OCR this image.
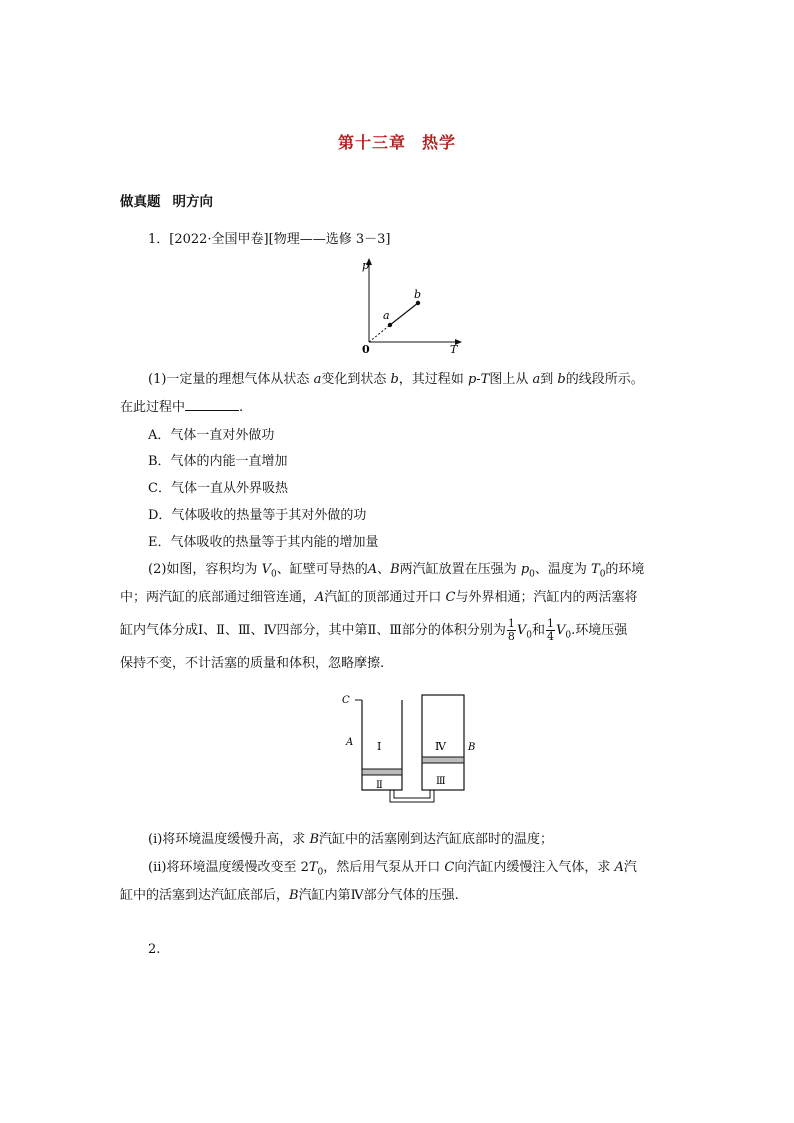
第十三章 热学
做真题 明方向
1．[2022·全国甲卷][物理——选修 3－3]
p
T
0
a
b
(1)一定量的理想气体从状态 a变化到状态 b，其过程如 p-T图上从 a到 b的线段所示。
在此过程中	.
A．气体一直对外做功
B．气体的内能一直增加
C．气体一直从外界吸热
D．气体吸收的热量等于其对外做的功
E．气体吸收的热量等于其内能的增加量
(2)如图，容积均为 $V_0$、缸壁可导热的A、B两汽缸放置在压强为 $p_0$、温度为 $T_0$的环境
中；两汽缸的底部通过细管连通，A汽缸的顶部通过开口 C与外界相通；汽缸内的两活塞将
缸内气体分成Ⅰ、Ⅱ、Ⅲ、Ⅳ四部分，其中第Ⅱ、Ⅲ部分的体积分别为 $\frac{1}{8} V_0$和 $\frac{1}{4} V_0$.环境压强
保持不变，不计活塞的质量和体积，忽略摩擦.
C
A	B
Ⅰ
Ⅱ	Ⅲ
Ⅳ
(ⅰ)将环境温度缓慢升高，求 B汽缸中的活塞刚到达汽缸底部时的温度；
(ⅱ)将环境温度缓慢改变至 $2T_0$，然后用气泵从开口 C向汽缸内缓慢注入气体，求 A汽
缸中的活塞到达汽缸底部后，B汽缸内第Ⅳ部分气体的压强.
2.
